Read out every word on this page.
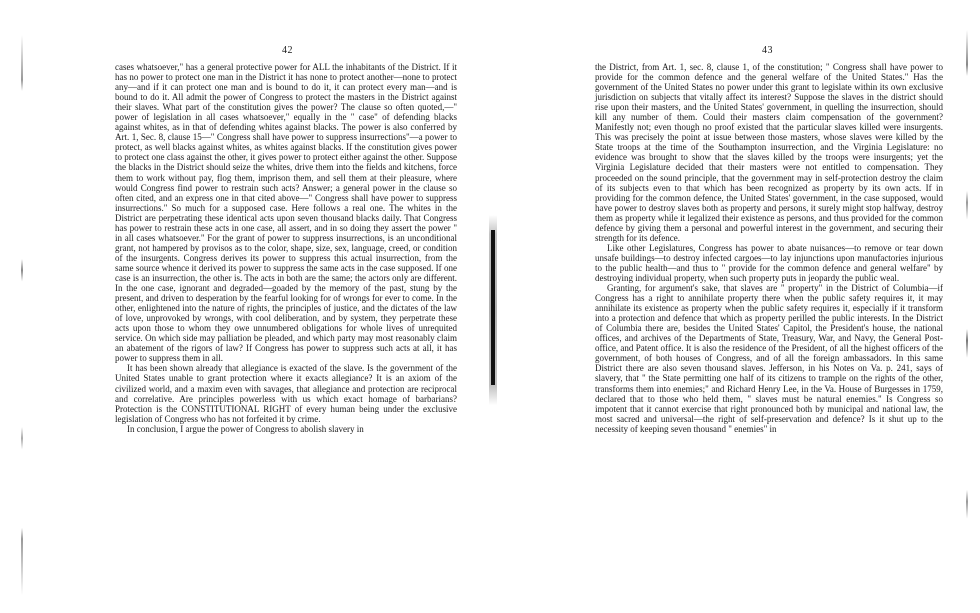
42

cases whatsoever," has a general protective power for ALL the inhabitants of the District. If it has no power to protect one man in the District it has none to protect another—none to protect any—and if it can protect one man and is bound to do it, it can protect every man—and is bound to do it. All admit the power of Congress to protect the masters in the District against their slaves. What part of the constitution gives the power? The clause so often quoted,—" power of legislation in all cases whatsoever," equally in the " case" of defending blacks against whites, as in that of defending whites against blacks. The power is also conferred by Art. 1, Sec. 8, clause 15—" Congress shall have power to suppress insurrections"—a power to protect, as well blacks against whites, as whites against blacks. If the constitution gives power to protect one class against the other, it gives power to protect either against the other. Suppose the blacks in the District should seize the whites, drive them into the fields and kitchens, force them to work without pay, flog them, imprison them, and sell them at their pleasure, where would Congress find power to restrain such acts? Answer; a general power in the clause so often cited, and an express one in that cited above—" Congress shall have power to suppress insurrections." So much for a supposed case. Here follows a real one. The whites in the District are perpetrating these identical acts upon seven thousand blacks daily. That Congress has power to restrain these acts in one case, all assert, and in so doing they assert the power " in all cases whatsoever." For the grant of power to suppress insurrections, is an unconditional grant, not hampered by provisos as to the color, shape, size, sex, language, creed, or condition of the insurgents. Congress derives its power to suppress this actual insurrection, from the same source whence it derived its power to suppress the same acts in the case supposed. If one case is an insurrection, the other is. The acts in both are the same; the actors only are different. In the one case, ignorant and degraded—goaded by the memory of the past, stung by the present, and driven to desperation by the fearful looking for of wrongs for ever to come. In the other, enlightened into the nature of rights, the principles of justice, and the dictates of the law of love, unprovoked by wrongs, with cool deliberation, and by system, they perpetrate these acts upon those to whom they owe unnumbered obligations for whole lives of unrequited service. On which side may palliation be pleaded, and which party may most reasonably claim an abatement of the rigors of law? If Congress has power to suppress such acts at all, it has power to suppress them in all.

It has been shown already that allegiance is exacted of the slave. Is the government of the United States unable to grant protection where it exacts allegiance? It is an axiom of the civilized world, and a maxim even with savages, that allegiance and protection are reciprocal and correlative. Are principles powerless with us which exact homage of barbarians? Protection is the CONSTITUTIONAL RIGHT of every human being under the exclusive legislation of Congress who has not forfeited it by crime.

In conclusion, I argue the power of Congress to abolish slavery in

43

the District, from Art. 1, sec. 8, clause 1, of the constitution; " Congress shall have power to provide for the common defence and the general welfare of the United States." Has the government of the United States no power under this grant to legislate within its own exclusive jurisdiction on subjects that vitally affect its interest? Suppose the slaves in the district should rise upon their masters, and the United States' government, in quelling the insurrection, should kill any number of them. Could their masters claim compensation of the government? Manifestly not; even though no proof existed that the particular slaves killed were insurgents. This was precisely the point at issue between those masters, whose slaves were killed by the State troops at the time of the Southampton insurrection, and the Virginia Legislature: no evidence was brought to show that the slaves killed by the troops were insurgents; yet the Virginia Legislature decided that their masters were not entitled to compensation. They proceeded on the sound principle, that the government may in self-protection destroy the claim of its subjects even to that which has been recognized as property by its own acts. If in providing for the common defence, the United States' government, in the case supposed, would have power to destroy slaves both as property and persons, it surely might stop halfway, destroy them as property while it legalized their existence as persons, and thus provided for the common defence by giving them a personal and powerful interest in the government, and securing their strength for its defence.

Like other Legislatures, Congress has power to abate nuisances—to remove or tear down unsafe buildings—to destroy infected cargoes—to lay injunctions upon manufactories injurious to the public health—and thus to " provide for the common defence and general welfare" by destroying individual property, when such property puts in jeopardy the public weal.

Granting, for argument's sake, that slaves are " property" in the District of Columbia—if Congress has a right to annihilate property there when the public safety requires it, it may annihilate its existence as property when the public safety requires it, especially if it transform into a protection and defence that which as property perilled the public interests. In the District of Columbia there are, besides the United States' Capitol, the President's house, the national offices, and archives of the Departments of State, Treasury, War, and Navy, the General Post-office, and Patent office. It is also the residence of the President, of all the highest officers of the government, of both houses of Congress, and of all the foreign ambassadors. In this same District there are also seven thousand slaves. Jefferson, in his Notes on Va. p. 241, says of slavery, that " the State permitting one half of its citizens to trample on the rights of the other, transforms them into enemies;" and Richard Henry Lee, in the Va. House of Burgesses in 1759, declared that to those who held them, " slaves must be natural enemies." Is Congress so impotent that it cannot exercise that right pronounced both by municipal and national law, the most sacred and universal—the right of self-preservation and defence? Is it shut up to the necessity of keeping seven thousand " enemies" in
